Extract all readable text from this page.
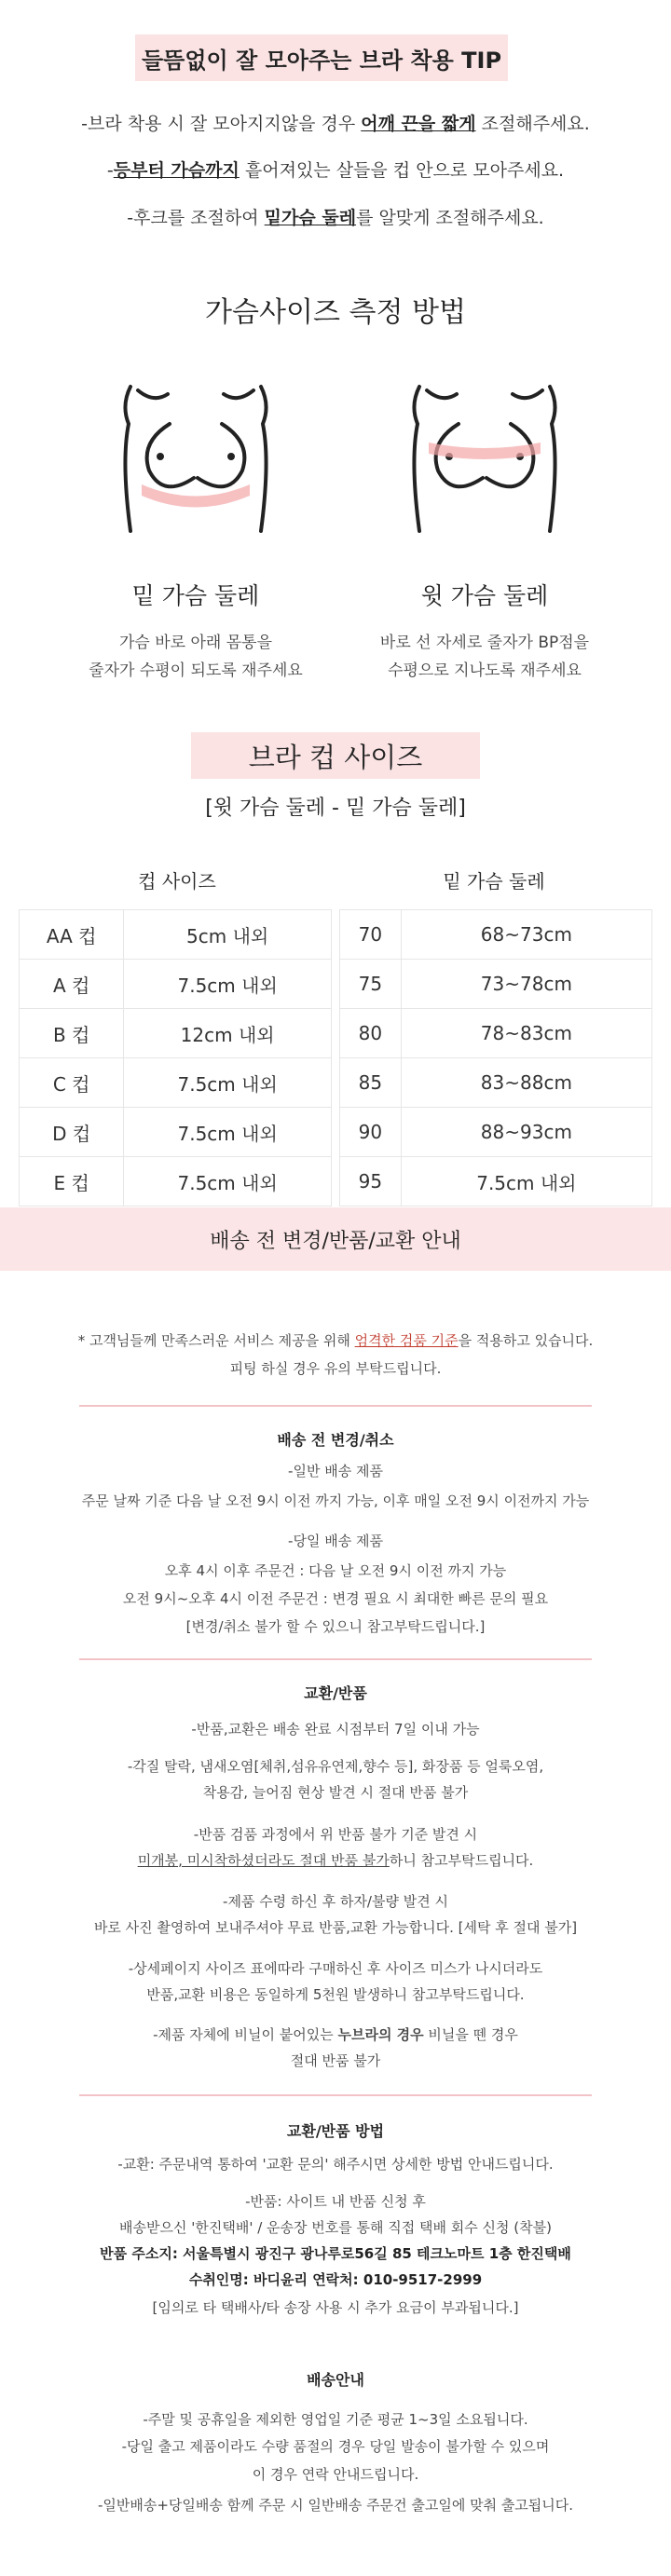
들뜸없이 잘 모아주는 브라 착용 TIP
-브라 착용 시 잘 모아지지않을 경우 어깨 끈을 짧게 조절해주세요.
-등부터 가슴까지 흩어져있는 살들을 컵 안으로 모아주세요.
-후크를 조절하여 밑가슴 둘레를 알맞게 조절해주세요.
가슴사이즈 측정 방법
밑 가슴 둘레	윗 가슴 둘레
가슴 바로 아래 몸통을
줄자가 수평이 되도록 재주세요
바로 선 자세로 줄자가 BP점을
수평으로 지나도록 재주세요
브라 컵 사이즈
[윗 가슴 둘레 - 밑 가슴 둘레]
컵 사이즈	밑 가슴 둘레
AA 컵	5cm 내외
A 컵	7.5cm 내외
B 컵	12cm 내외
C 컵	7.5cm 내외
D 컵	7.5cm 내외
E 컵	7.5cm 내외
70	68~73cm
75	73~78cm
80	78~83cm
85	83~88cm
90	88~93cm
95	7.5cm 내외
배송 전 변경/반품/교환 안내
* 고객님들께 만족스러운 서비스 제공을 위해 엄격한 검품 기준을 적용하고 있습니다.
피팅 하실 경우 유의 부탁드립니다.
배송 전 변경/취소
-일반 배송 제품
주문 날짜 기준 다음 날 오전 9시 이전 까지 가능, 이후 매일 오전 9시 이전까지 가능
-당일 배송 제품
오후 4시 이후 주문건 : 다음 날 오전 9시 이전 까지 가능
오전 9시~오후 4시 이전 주문건 : 변경 필요 시 최대한 빠른 문의 필요
[변경/취소 불가 할 수 있으니 참고부탁드립니다.]
교환/반품
-반품,교환은 배송 완료 시점부터 7일 이내 가능
-각질 탈락, 냄새오염[체취,섬유유연제,향수 등], 화장품 등 얼룩오염,
착용감, 늘어짐 현상 발견 시 절대 반품 불가
-반품 검품 과정에서 위 반품 불가 기준 발견 시
미개봉, 미시착하셨더라도 절대 반품 불가하니 참고부탁드립니다.
-제품 수령 하신 후 하자/불량 발견 시
바로 사진 촬영하여 보내주셔야 무료 반품,교환 가능합니다. [세탁 후 절대 불가]
-상세페이지 사이즈 표에따라 구매하신 후 사이즈 미스가 나시더라도
반품,교환 비용은 동일하게 5천원 발생하니 참고부탁드립니다.
-제품 자체에 비닐이 붙어있는 누브라의 경우 비닐을 뗀 경우
절대 반품 불가
교환/반품 방법
-교환: 주문내역 통하여 '교환 문의' 해주시면 상세한 방법 안내드립니다.
-반품: 사이트 내 반품 신청 후
배송받으신 '한진택배' / 운송장 번호를 통해 직접 택배 회수 신청 (착불)
반품 주소지: 서울특별시 광진구 광나루로56길 85 테크노마트 1층 한진택배
수취인명: 바디윤리 연락처: 010-9517-2999
[임의로 타 택배사/타 송장 사용 시 추가 요금이 부과됩니다.]
배송안내
-주말 및 공휴일을 제외한 영업일 기준 평균 1~3일 소요됩니다.
-당일 출고 제품이라도 수량 품절의 경우 당일 발송이 불가할 수 있으며
이 경우 연락 안내드립니다.
-일반배송+당일배송 함께 주문 시 일반배송 주문건 출고일에 맞춰 출고됩니다.
